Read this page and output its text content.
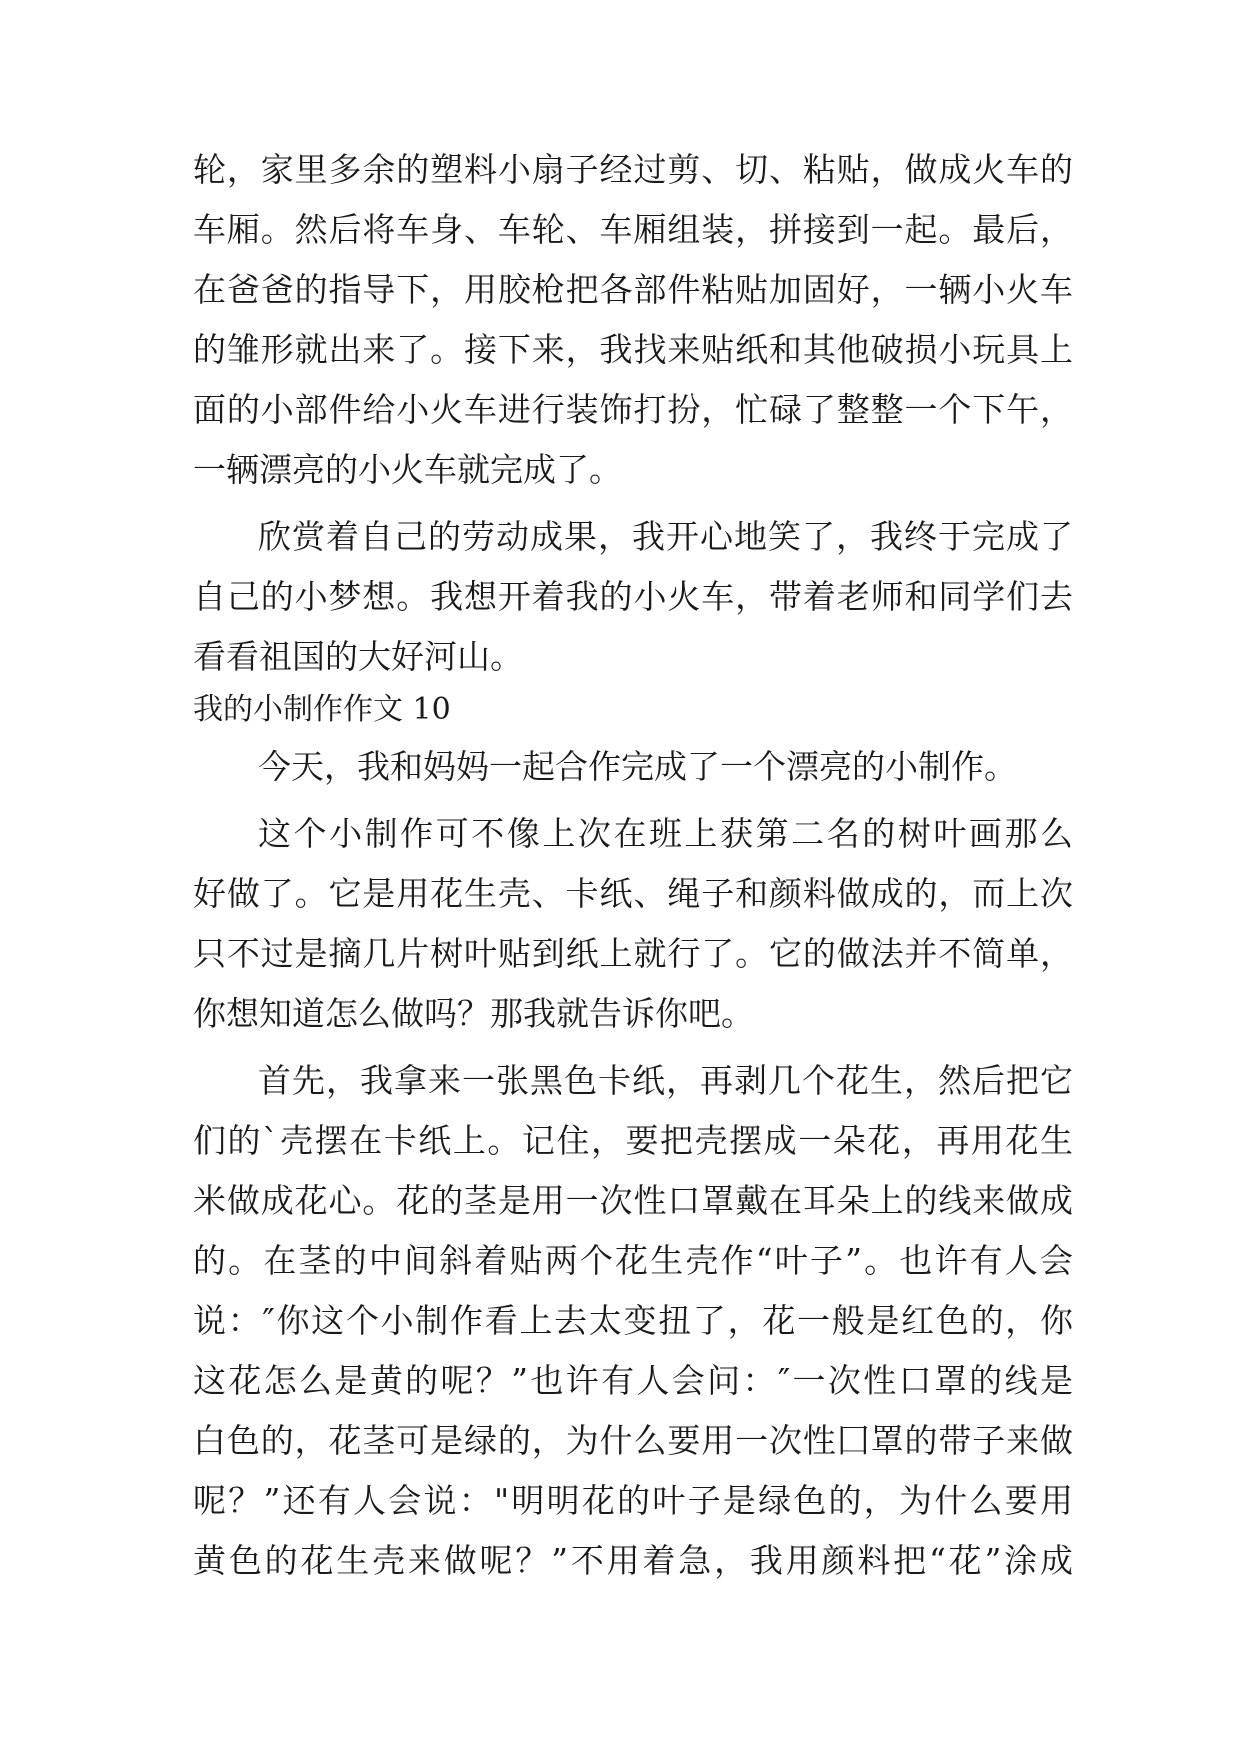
轮，家里多余的塑料小扇子经过剪、切、粘贴，做成火车的
车厢。然后将车身、车轮、车厢组装，拼接到一起。最后，
在爸爸的指导下，用胶枪把各部件粘贴加固好，一辆小火车
的雏形就出来了。接下来，我找来贴纸和其他破损小玩具上
面的小部件给小火车进行装饰打扮，忙碌了整整一个下午，
一辆漂亮的小火车就完成了。
欣赏着自己的劳动成果，我开心地笑了，我终于完成了
自己的小梦想。我想开着我的小火车，带着老师和同学们去
看看祖国的大好河山。
我的小制作作文 10
今天，我和妈妈一起合作完成了一个漂亮的小制作。
这个小制作可不像上次在班上获第二名的树叶画那么
好做了。它是用花生壳、卡纸、绳子和颜料做成的，而上次
只不过是摘几片树叶贴到纸上就行了。它的做法并不简单，
你想知道怎么做吗？那我就告诉你吧。
首先，我拿来一张黑色卡纸，再剥几个花生，然后把它
们的`壳摆在卡纸上。记住，要把壳摆成一朵花，再用花生
米做成花心。花的茎是用一次性口罩戴在耳朵上的线来做成
的。在茎的中间斜着贴两个花生壳作“叶子”。也许有人会
说：″你这个小制作看上去太变扭了，花一般是红色的，你
这花怎么是黄的呢？”也许有人会问：″一次性口罩的线是
白色的，花茎可是绿的，为什么要用一次性囗罩的带子来做
呢？”还有人会说："明明花的叶子是绿色的，为什么要用
黄色的花生壳来做呢？”不用着急，我用颜料把“花”涂成
